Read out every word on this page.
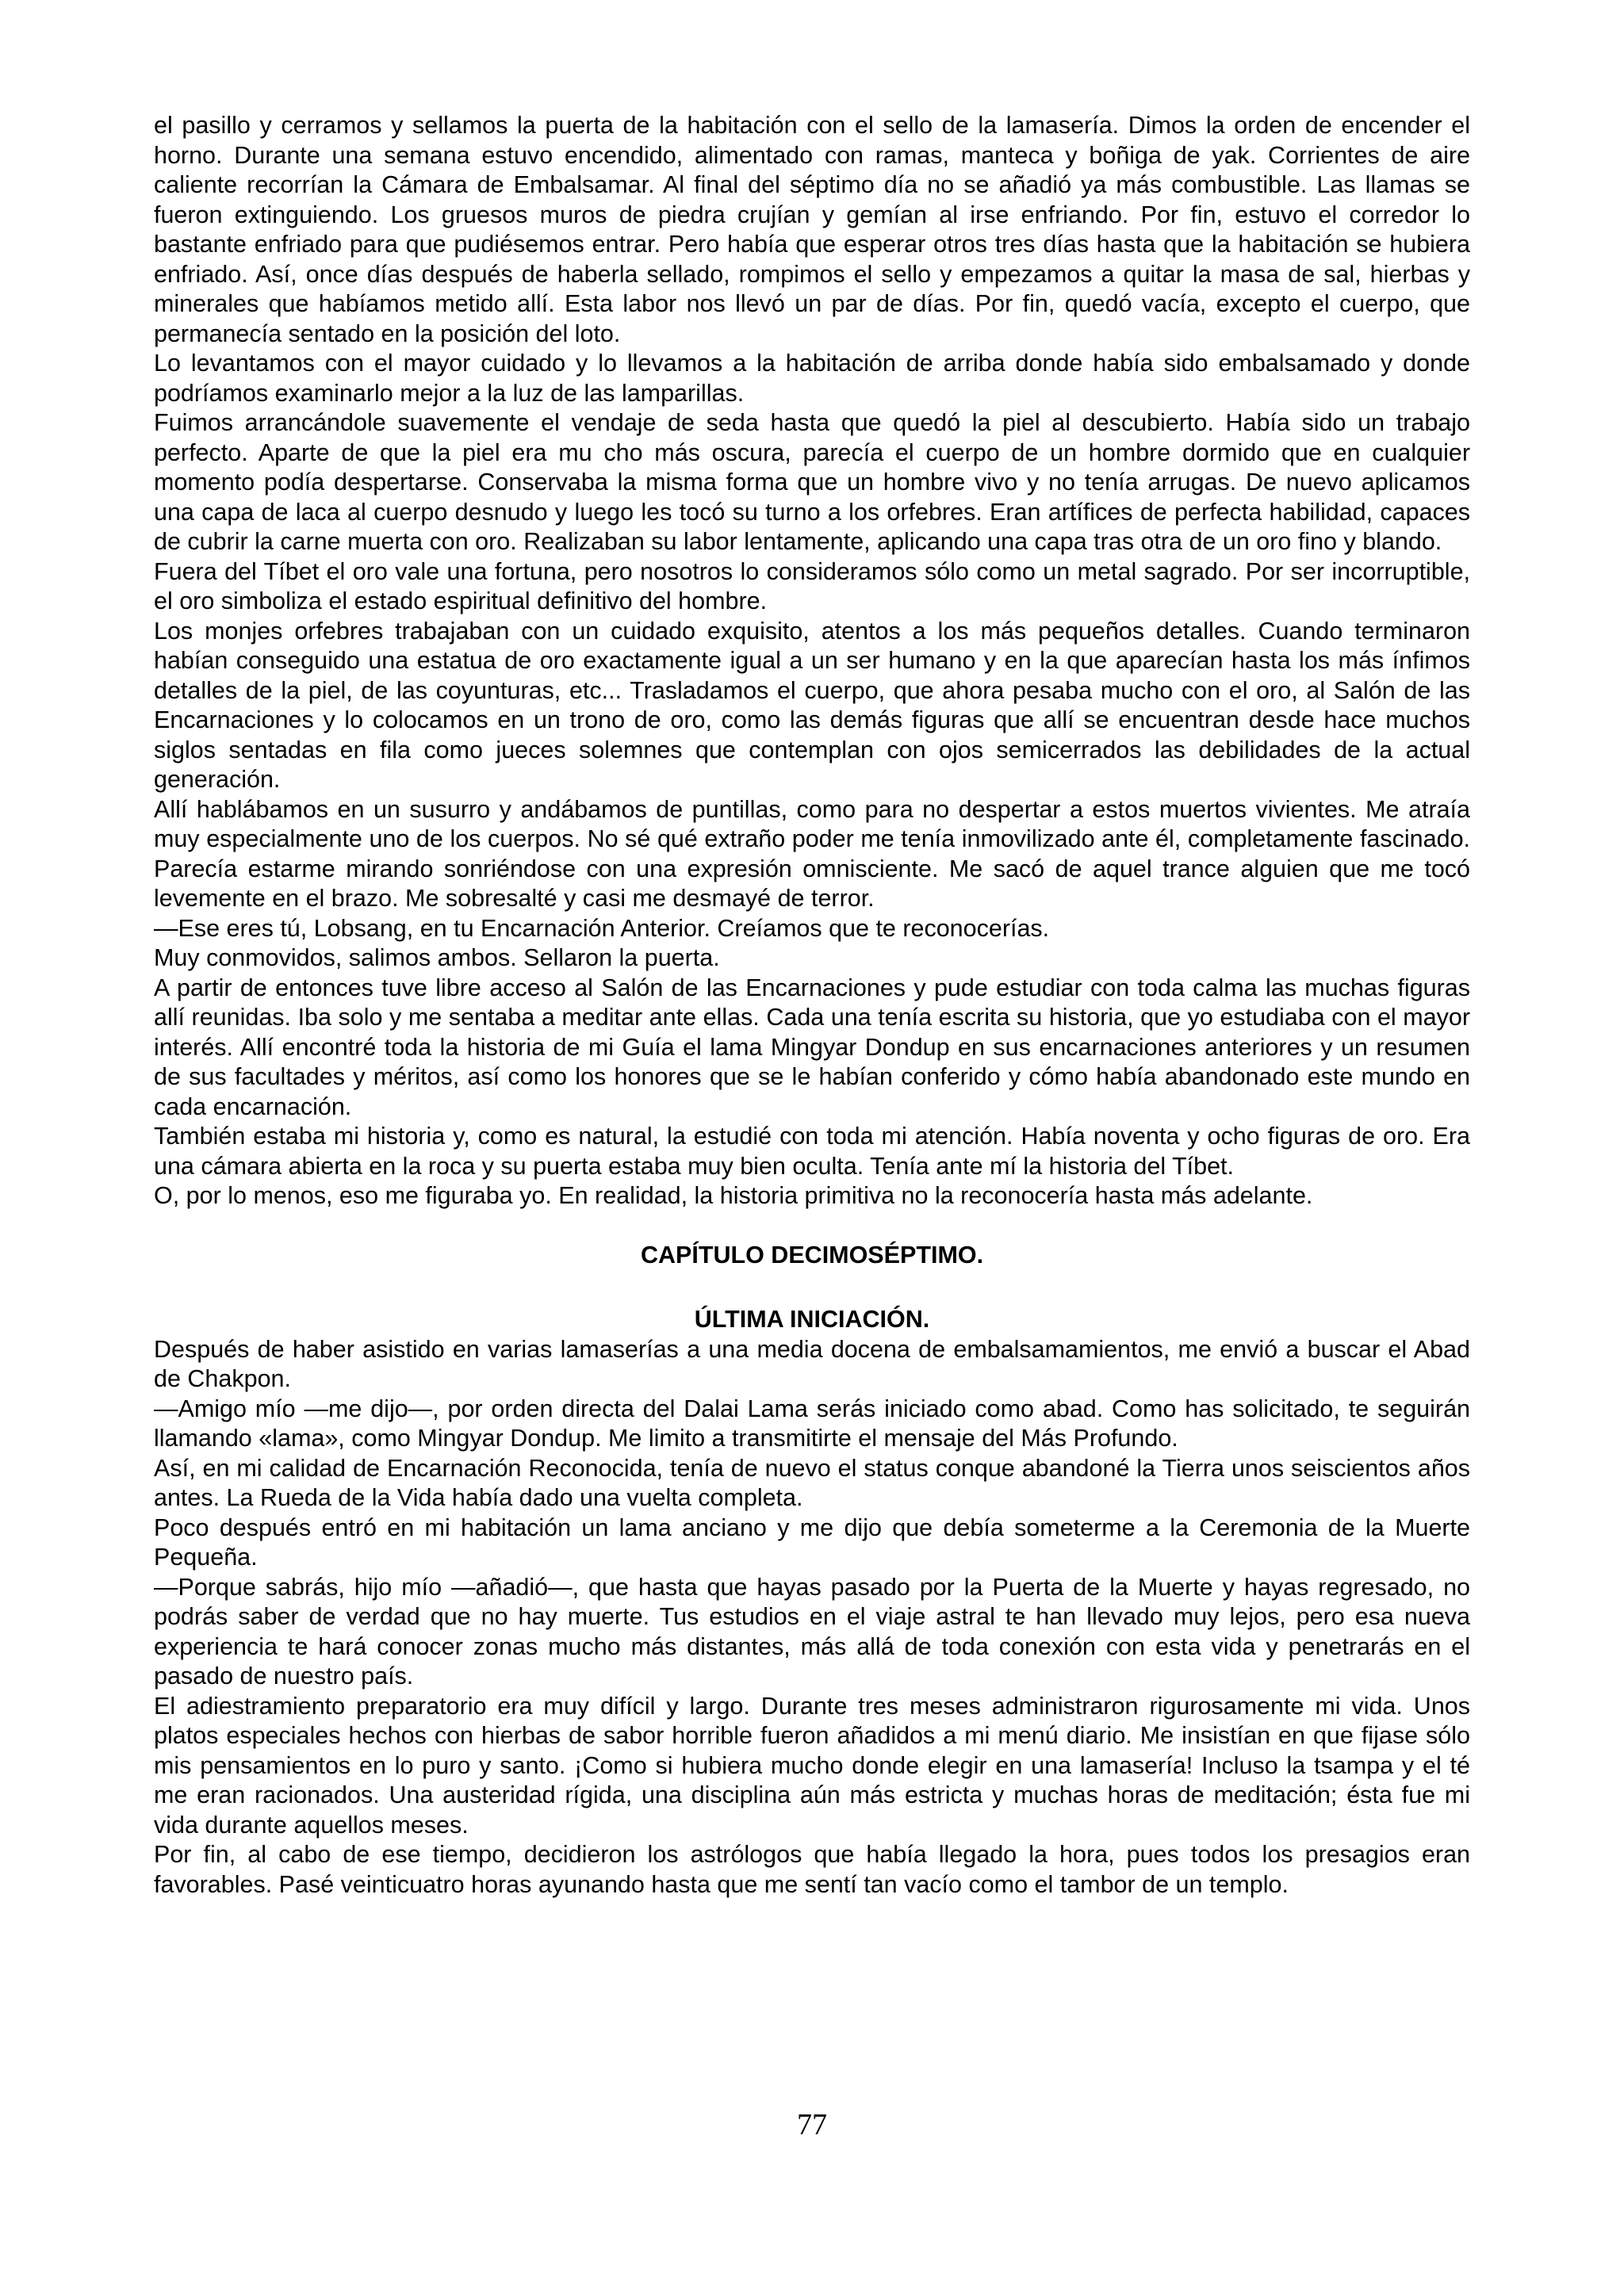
el pasillo y cerramos y sellamos la puerta de la habitación con el sello de la lamasería. Dimos la orden de encender el horno. Durante una semana estuvo encendido, alimentado con ramas, manteca y boñiga de yak. Corrientes de aire caliente recorrían la Cámara de Embalsamar. Al final del séptimo día no se añadió ya más combustible. Las llamas se fueron extinguiendo. Los gruesos muros de piedra crujían y gemían al irse enfriando. Por fin, estuvo el corredor lo bastante enfriado para que pudiésemos entrar. Pero había que esperar otros tres días hasta que la habitación se hubiera enfriado. Así, once días después de haberla sellado, rompimos el sello y empezamos a quitar la masa de sal, hierbas y minerales que habíamos metido allí. Esta labor nos llevó un par de días. Por fin, quedó vacía, excepto el cuerpo, que permanecía sentado en la posición del loto.

Lo levantamos con el mayor cuidado y lo llevamos a la habitación de arriba donde había sido embalsamado y donde podríamos examinarlo mejor a la luz de las lamparillas.

Fuimos arrancándole suavemente el vendaje de seda hasta que quedó la piel al descubierto. Había sido un trabajo perfecto. Aparte de que la piel era mu cho más oscura, parecía el cuerpo de un hombre dormido que en cualquier momento podía despertarse. Conservaba la misma forma que un hombre vivo y no tenía arrugas. De nuevo aplicamos una capa de laca al cuerpo desnudo y luego les tocó su turno a los orfebres. Eran artífices de perfecta habilidad, capaces de cubrir la carne muerta con oro. Realizaban su labor lentamente, aplicando una capa tras otra de un oro fino y blando.

Fuera del Tíbet el oro vale una fortuna, pero nosotros lo consideramos sólo como un metal sagrado. Por ser incorruptible, el oro simboliza el estado espiritual definitivo del hombre.

Los monjes orfebres trabajaban con un cuidado exquisito, atentos a los más pequeños detalles. Cuando terminaron habían conseguido una estatua de oro exactamente igual a un ser humano y en la que aparecían hasta los más ínfimos detalles de la piel, de las coyunturas, etc... Trasladamos el cuerpo, que ahora pesaba mucho con el oro, al Salón de las Encarnaciones y lo colocamos en un trono de oro, como las demás figuras que allí se encuentran desde hace muchos siglos sentadas en fila como jueces solemnes que contemplan con ojos semicerrados las debilidades de la actual generación.

Allí hablábamos en un susurro y andábamos de puntillas, como para no despertar a estos muertos vivientes. Me atraía muy especialmente uno de los cuerpos. No sé qué extraño poder me tenía inmovilizado ante él, completamente fascinado. Parecía estarme mirando sonriéndose con una expresión omnisciente. Me sacó de aquel trance alguien que me tocó levemente en el brazo. Me sobresalté y casi me desmayé de terror.

—Ese eres tú, Lobsang, en tu Encarnación Anterior. Creíamos que te reconocerías.

Muy conmovidos, salimos ambos. Sellaron la puerta.

A partir de entonces tuve libre acceso al Salón de las Encarnaciones y pude estudiar con toda calma las muchas figuras allí reunidas. Iba solo y me sentaba a meditar ante ellas. Cada una tenía escrita su historia, que yo estudiaba con el mayor interés. Allí encontré toda la historia de mi Guía el lama Mingyar Dondup en sus encarnaciones anteriores y un resumen de sus facultades y méritos, así como los honores que se le habían conferido y cómo había abandonado este mundo en cada encarnación.

También estaba mi historia y, como es natural, la estudié con toda mi atención. Había noventa y ocho figuras de oro. Era una cámara abierta en la roca y su puerta estaba muy bien oculta. Tenía ante mí la historia del Tíbet.

O, por lo menos, eso me figuraba yo. En realidad, la historia primitiva no la reconocería hasta más adelante.

CAPÍTULO DECIMOSÉPTIMO.
ÚLTIMA INICIACIÓN.

Después de haber asistido en varias lamaserías a una media docena de embalsamamientos, me envió a buscar el Abad de Chakpon.

—Amigo mío —me dijo—, por orden directa del Dalai Lama serás iniciado como abad. Como has solicitado, te seguirán llamando «lama», como Mingyar Dondup. Me limito a transmitirte el mensaje del Más Profundo.

Así, en mi calidad de Encarnación Reconocida, tenía de nuevo el status conque abandoné la Tierra unos seiscientos años antes. La Rueda de la Vida había dado una vuelta completa.

Poco después entró en mi habitación un lama anciano y me dijo que debía someterme a la Ceremonia de la Muerte Pequeña.

—Porque sabrás, hijo mío —añadió—, que hasta que hayas pasado por la Puerta de la Muerte y hayas regresado, no podrás saber de verdad que no hay muerte. Tus estudios en el viaje astral te han llevado muy lejos, pero esa nueva experiencia te hará conocer zonas mucho más distantes, más allá de toda conexión con esta vida y penetrarás en el pasado de nuestro país.

El adiestramiento preparatorio era muy difícil y largo. Durante tres meses administraron rigurosamente mi vida. Unos platos especiales hechos con hierbas de sabor horrible fueron añadidos a mi menú diario. Me insistían en que fijase sólo mis pensamientos en lo puro y santo. ¡Como si hubiera mucho donde elegir en una lamasería! Incluso la tsampa y el té me eran racionados. Una austeridad rígida, una disciplina aún más estricta y muchas horas de meditación; ésta fue mi vida durante aquellos meses.

Por fin, al cabo de ese tiempo, decidieron los astrólogos que había llegado la hora, pues todos los presagios eran favorables. Pasé veinticuatro horas ayunando hasta que me sentí tan vacío como el tambor de un templo.

77
